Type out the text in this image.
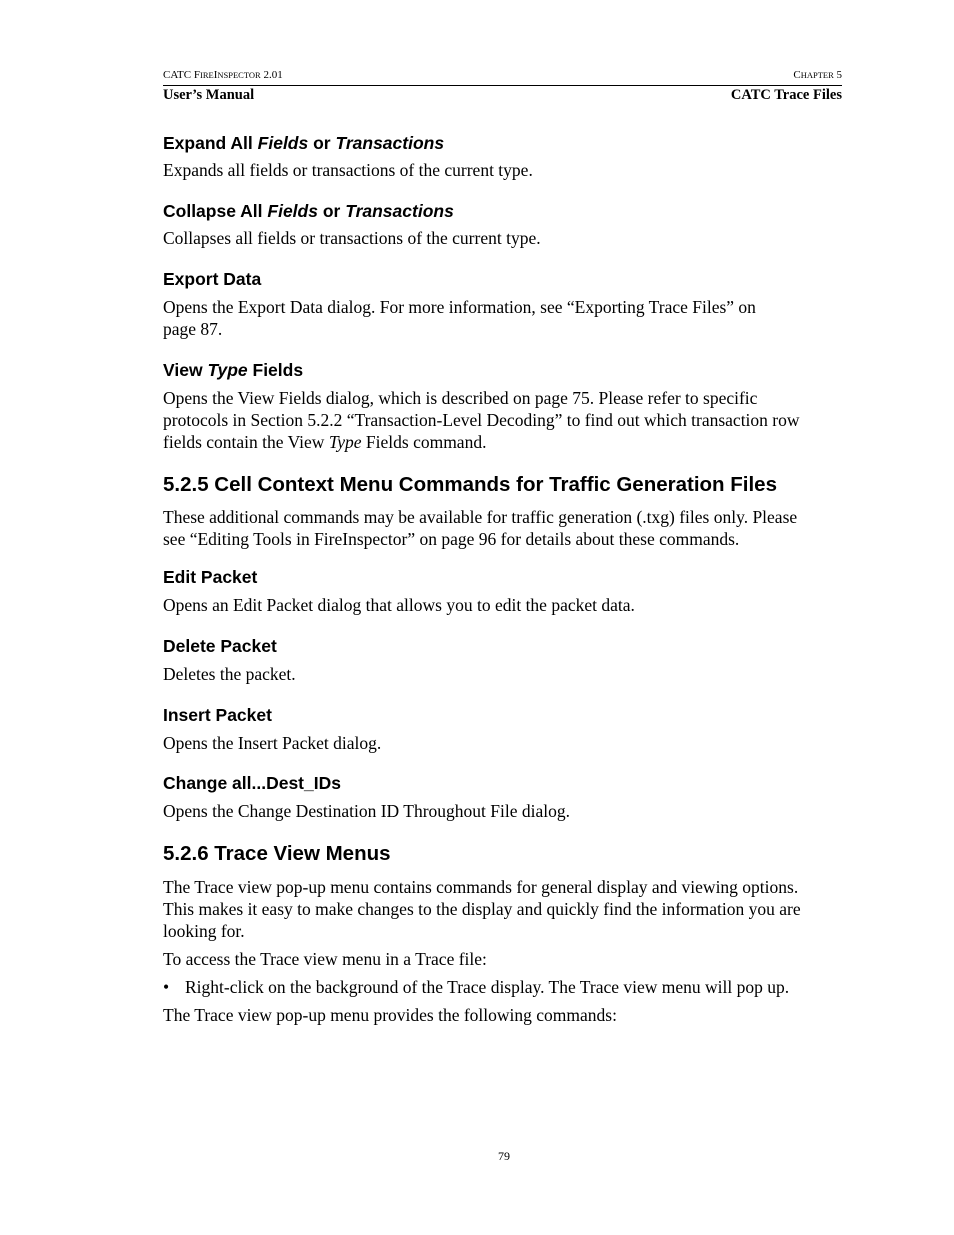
CATC FIREINSPECTOR 2.01	CHAPTER 5
User’s Manual	CATC Trace Files
Expand All Fields or Transactions

Expands all fields or transactions of the current type.

Collapse All Fields or Transactions

Collapses all fields or transactions of the current type.

Export Data

Opens the Export Data dialog. For more information, see “Exporting Trace Files” on
page 87.

View Type Fields

Opens the View Fields dialog, which is described on page 75. Please refer to specific
protocols in Section 5.2.2 “Transaction-Level Decoding” to find out which transaction row
fields contain the View Type Fields command.

5.2.5 Cell Context Menu Commands for Traffic Generation Files

These additional commands may be available for traffic generation (.txg) files only. Please
see “Editing Tools in FireInspector” on page 96 for details about these commands.

Edit Packet

Opens an Edit Packet dialog that allows you to edit the packet data.

Delete Packet

Deletes the packet.

Insert Packet

Opens the Insert Packet dialog.

Change all...Dest_IDs

Opens the Change Destination ID Throughout File dialog.

5.2.6 Trace View Menus

The Trace view pop-up menu contains commands for general display and viewing options.
This makes it easy to make changes to the display and quickly find the information you are
looking for.

To access the Trace view menu in a Trace file:

• Right-click on the background of the Trace display. The Trace view menu will pop up.

The Trace view pop-up menu provides the following commands:

79
